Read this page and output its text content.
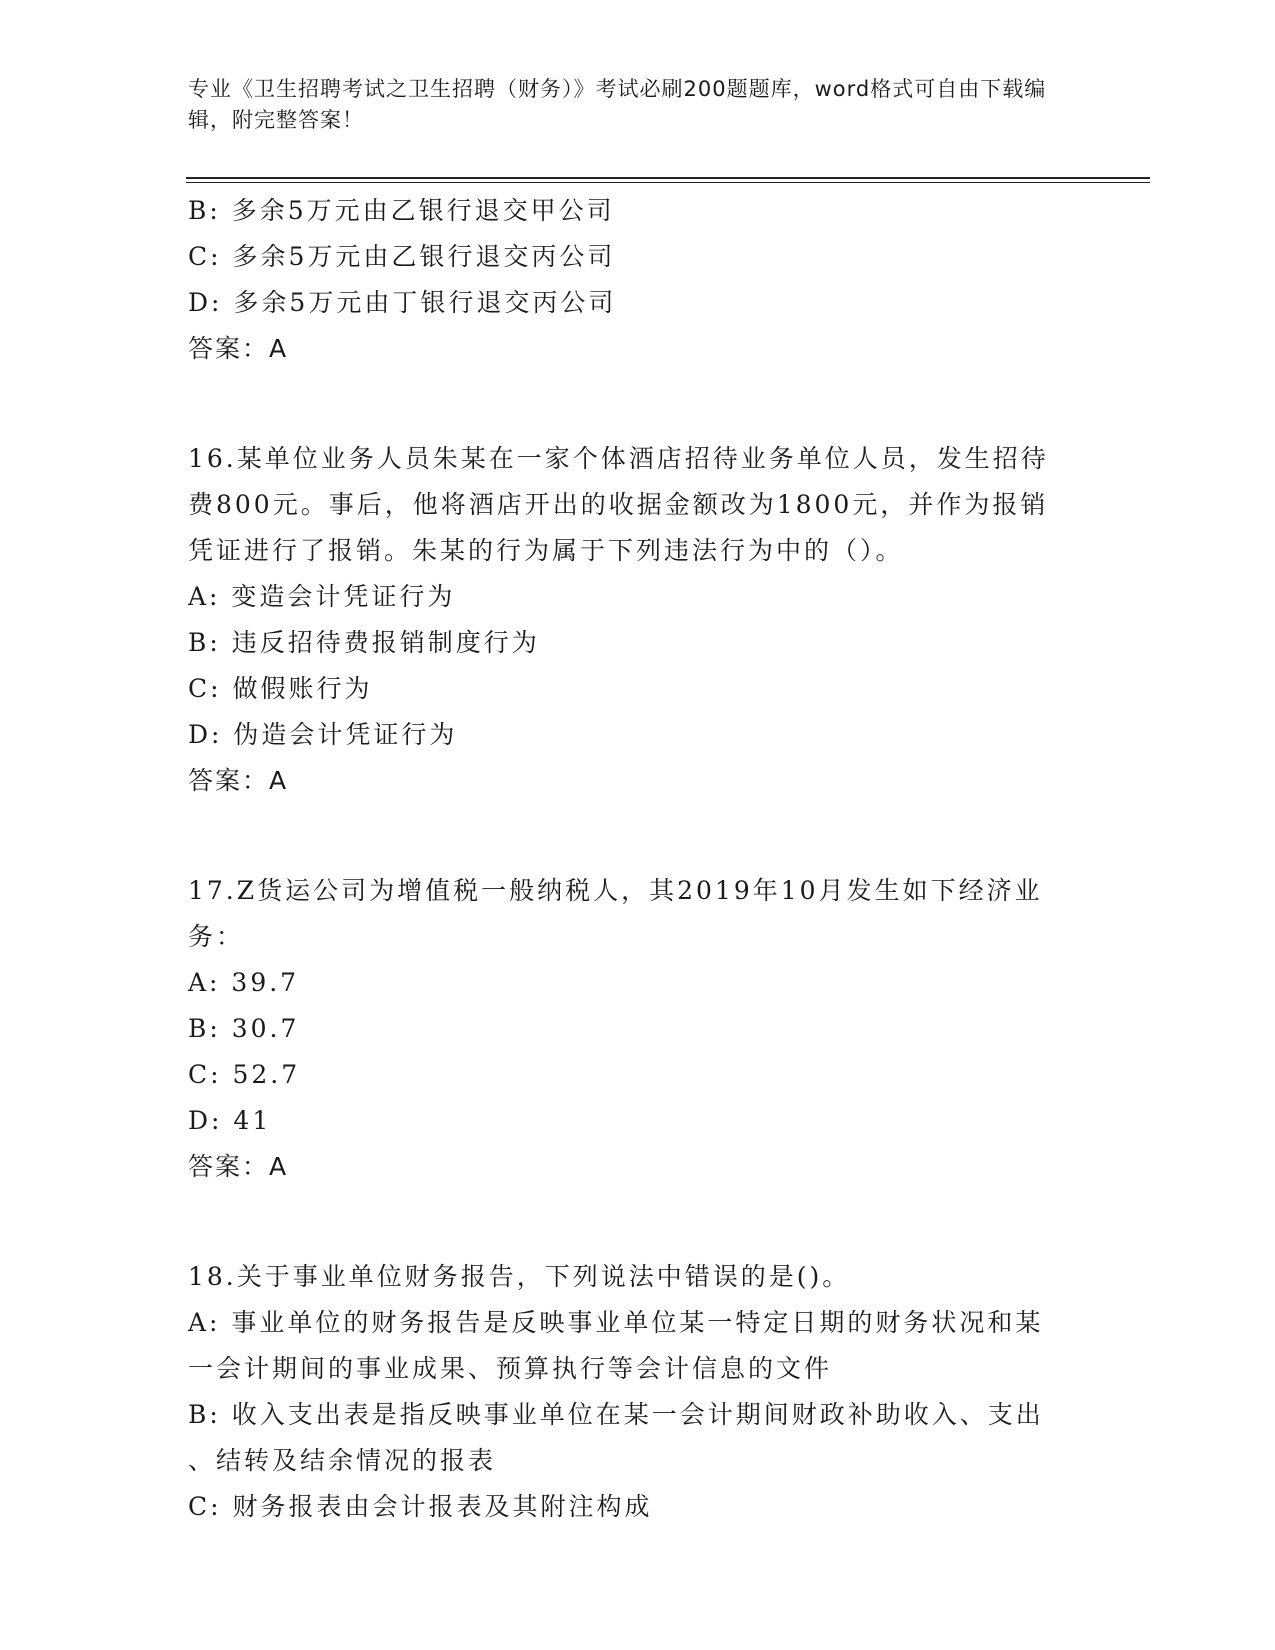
专业《卫生招聘考试之卫生招聘（财务）》考试必刷200题题库，word格式可自由下载编辑，附完整答案！
B: 多余5万元由乙银行退交甲公司
C: 多余5万元由乙银行退交丙公司
D: 多余5万元由丁银行退交丙公司
答案：A
16.某单位业务人员朱某在一家个体酒店招待业务单位人员，发生招待
费800元。事后，他将酒店开出的收据金额改为1800元，并作为报销
凭证进行了报销。朱某的行为属于下列违法行为中的（）。
A: 变造会计凭证行为
B: 违反招待费报销制度行为
C: 做假账行为
D: 伪造会计凭证行为
答案：A
17.Z货运公司为增值税一般纳税人，其2019年10月发生如下经济业
务：
A: 39.7
B: 30.7
C: 52.7
D: 41
答案：A
18.关于事业单位财务报告，下列说法中错误的是()。
A: 事业单位的财务报告是反映事业单位某一特定日期的财务状况和某
一会计期间的事业成果、预算执行等会计信息的文件
B: 收入支出表是指反映事业单位在某一会计期间财政补助收入、支出
、结转及结余情况的报表
C: 财务报表由会计报表及其附注构成
